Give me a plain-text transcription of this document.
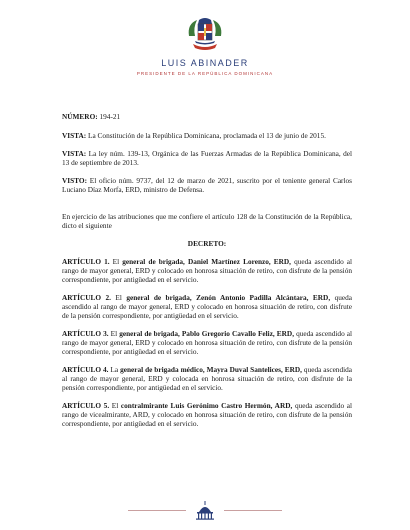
LUIS ABINADER
PRESIDENTE DE LA REPÚBLICA DOMINICANA

NÚMERO: 194-21

VISTA: La Constitución de la República Dominicana, proclamada el 13 de junio de 2015.

VISTA: La ley núm. 139-13, Orgánica de las Fuerzas Armadas de la República Dominicana, del 13 de septiembre de 2013.

VISTO: El oficio núm. 9737, del 12 de marzo de 2021, suscrito por el teniente general Carlos Luciano Díaz Morfa, ERD, ministro de Defensa.

En ejercicio de las atribuciones que me confiere el artículo 128 de la Constitución de la República, dicto el siguiente

DECRETO:

ARTÍCULO 1. El general de brigada, Daniel Martínez Lorenzo, ERD, queda ascendido al rango de mayor general, ERD y colocado en honrosa situación de retiro, con disfrute de la pensión correspondiente, por antigüedad en el servicio.

ARTÍCULO 2. El general de brigada, Zenón Antonio Padilla Alcántara, ERD, queda ascendido al rango de mayor general, ERD y colocado en honrosa situación de retiro, con disfrute de la pensión correspondiente, por antigüedad en el servicio.

ARTÍCULO 3. El general de brigada, Pablo Gregorio Cavallo Feliz, ERD, queda ascendido al rango de mayor general, ERD y colocado en honrosa situación de retiro, con disfrute de la pensión correspondiente, por antigüedad en el servicio.

ARTÍCULO 4. La general de brigada médico, Mayra Duval Santelices, ERD, queda ascendida al rango de mayor general, ERD y colocada en honrosa situación de retiro, con disfrute de la pensión correspondiente, por antigüedad en el servicio.

ARTÍCULO 5. El contralmirante Luis Gerónimo Castro Hermón, ARD, queda ascendido al rango de vicealmirante, ARD, y colocado en honrosa situación de retiro, con disfrute de la pensión correspondiente, por antigüedad en el servicio.
